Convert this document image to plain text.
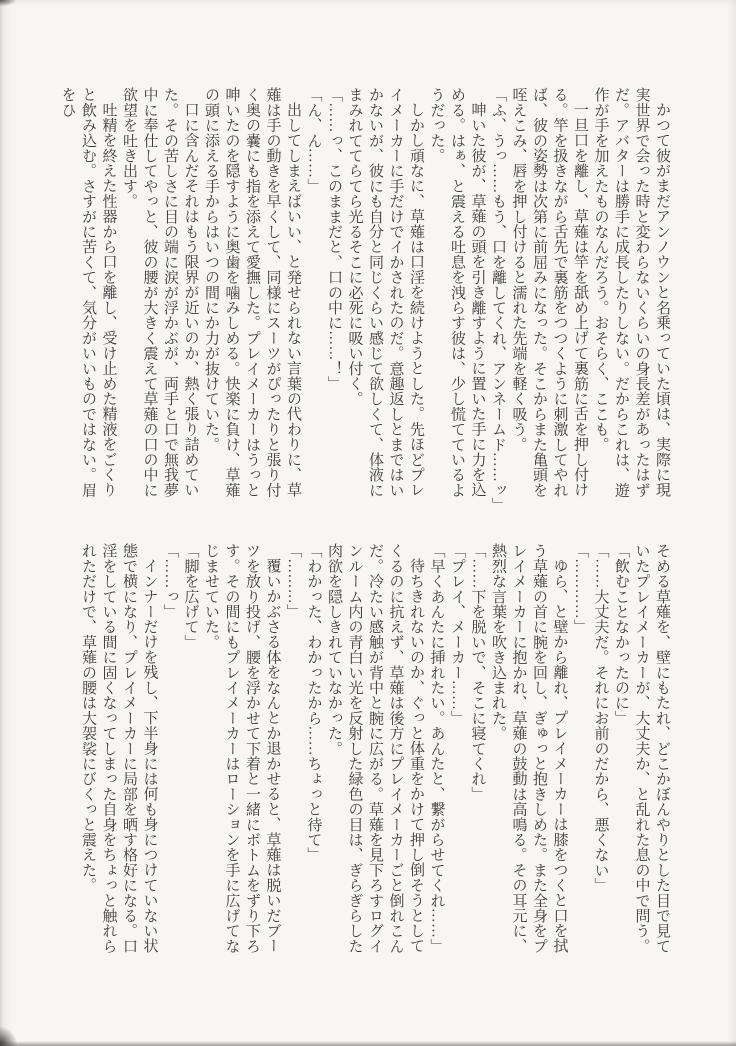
かつて彼がまだアンノウンと名乗っていた頃は、実際に現実世界で会った時と変わらないくらいの身長差があったはずだ。アバターは勝手に成長したりしない。だからこれは、遊作が手を加えたものなんだろう。おそらく、ここも。

一旦口を離し、草薙は竿を舐め上げて裏筋に舌を押し付ける。竿を扱きながら舌先で裏筋をつつくように刺激してやれば、彼の姿勢は次第に前屈みになった。そこからまた亀頭を咥えこみ、唇を押し付けると濡れた先端を軽く吸う。

「ふ、うっ……もう、口を離してくれ、アンネームド……ッ」

呻いた彼が、草薙の頭を引き離すように置いた手に力を込める。はぁ、と震える吐息を洩らす彼は、少し慌てているようだった。

しかし頑なに、草薙は口淫を続けようとした。先ほどプレイメーカーに手だけでイかされたのだ。意趣返しとまではいかないが、彼にも自分と同じくらい感じて欲しくて、体液にまみれててらてら光るそこに必死に吸い付く。

「……っ、このままだと、口の中に……！」

「ん、ん……」

出してしまえばいい、と発せられない言葉の代わりに、草薙は手の動きを早くして、同様にスーツがぴったりと張り付く奥の嚢にも指を添えて愛撫した。プレイメーカーはうっと呻いたのを隠すように奥歯を噛みしめる。快楽に負け、草薙の頭に添える手からはいつの間にか力が抜けていた。

口に含んだそれはもう限界が近いのか、熱く張り詰めていた。その苦しさに目の端に涙が浮かぶが、両手と口で無我夢中に奉仕してやっと、彼の腰が大きく震えて草薙の口の中に欲望を吐き出す。

吐精を終えた性器から口を離し、受け止めた精液をごくりと飲み込む。さすがに苦くて、気分がいいものではない。眉をひ

そめる草薙を、壁にもたれ、どこかぼんやりとした目で見ていたプレイメーカーが、大丈夫か、と乱れた息の中で問う。

「飲むことなかったのに」

「……大丈夫だ。それにお前のだから、悪くない」

「…………」

ゆら、と壁から離れ、プレイメーカーは膝をつくと口を拭う草薙の首に腕を回し、ぎゅっと抱きしめた。また全身をプレイメーカーに抱かれ、草薙の鼓動は高鳴る。その耳元に、熱烈な言葉を吹き込まれた。

「……下を脱いで、そこに寝てくれ」

「プレイ、メーカー……」

「早くあんたに挿れたい。あんたと、繋がらせてくれ……」

待ちきれないのか、ぐっと体重をかけて押し倒そうとしてくるのに抗えず、草薙は後方にプレイメーカーごと倒れこんだ。冷たい感触が背中と腕に広がる。草薙を見下ろすログインルーム内の青白い光を反射した緑色の目は、ぎらぎらした肉欲を隠しきれていなかった。

「わかった、わかったから……ちょっと待て」

「………」

覆いかぶさる体をなんとか退かせると、草薙は脱いだブーツを放り投げ、腰を浮かせて下着と一緒にボトムをずり下ろす。その間にもプレイメーカーはローションを手に広げてなじませていた。

「脚を広げて」

「……っ」

インナーだけを残し、下半身には何も身につけていない状態で横になり、プレイメーカーに局部を晒す格好になる。口淫をしている間に固くなってしまった自身をちょっと触れられただけで、草薙の腰は大袈裟にびくっと震えた。
